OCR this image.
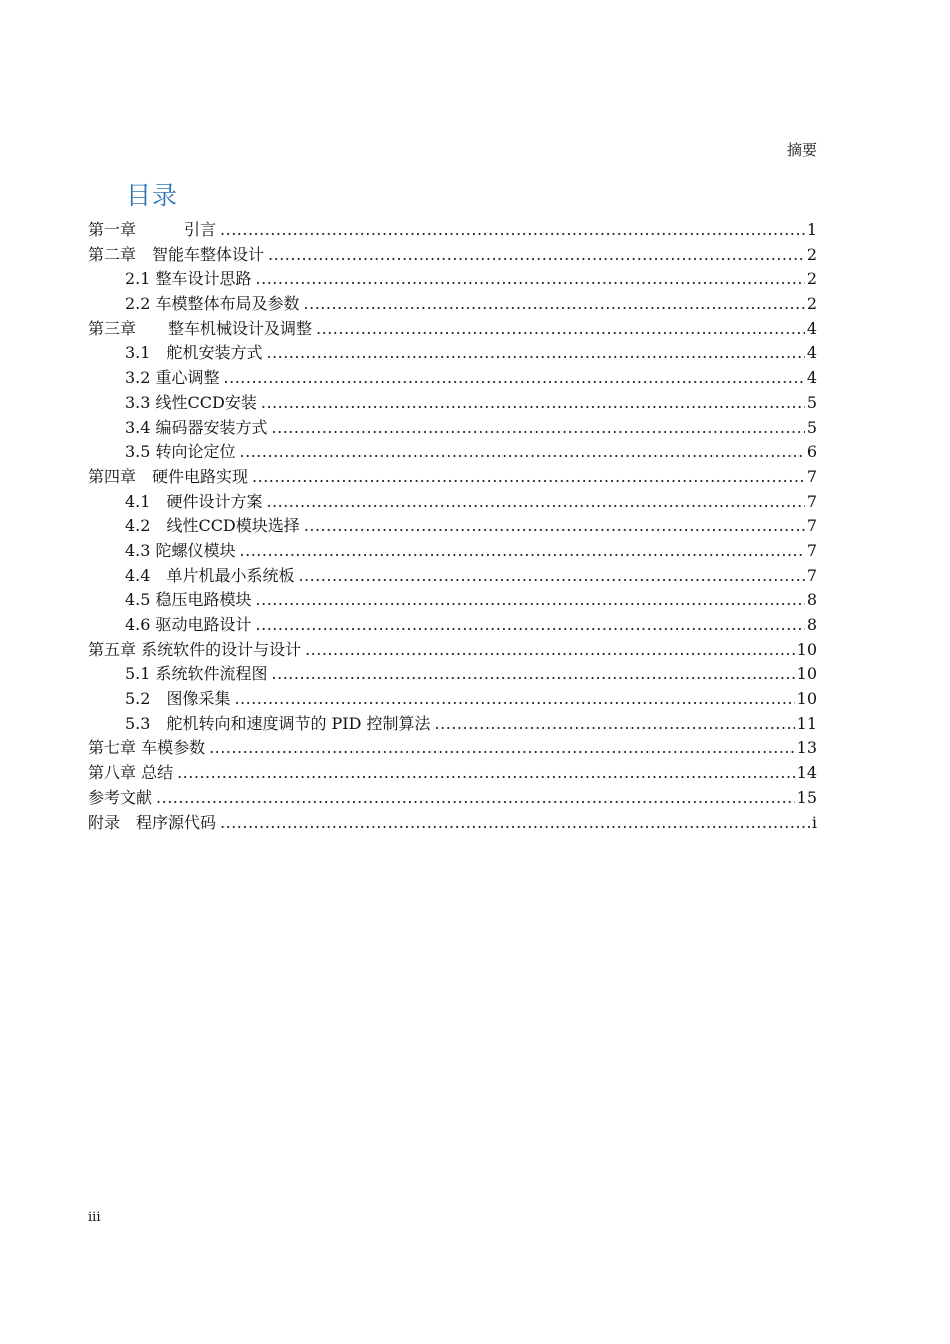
摘要
目录
第一章　　　引言 .....	1
第二章　智能车整体设计 .....	2
2.1 整车设计思路 .....	2
2.2 车模整体布局及参数 .....	2
第三章　　整车机械设计及调整 .....	4
3.1　舵机安装方式 .....	4
3.2 重心调整 .....	4
3.3 线性CCD安装 .....	5
3.4 编码器安装方式 .....	5
3.5 转向论定位 .....	6
第四章　硬件电路实现 .....	7
4.1　硬件设计方案 .....	7
4.2　线性CCD模块选择 .....	7
4.3 陀螺仪模块 .....	7
4.4　单片机最小系统板 .....	7
4.5 稳压电路模块 .....	8
4.6 驱动电路设计 .....	8
第五章 系统软件的设计与设计 .....	10
5.1 系统软件流程图 .....	10
5.2　图像采集 .....	10
5.3　舵机转向和速度调节的 PID 控制算法 .....	11
第七章 车模参数 .....	13
第八章 总结 .....	14
参考文献 .....	15
附录　程序源代码 .....	i
iii
